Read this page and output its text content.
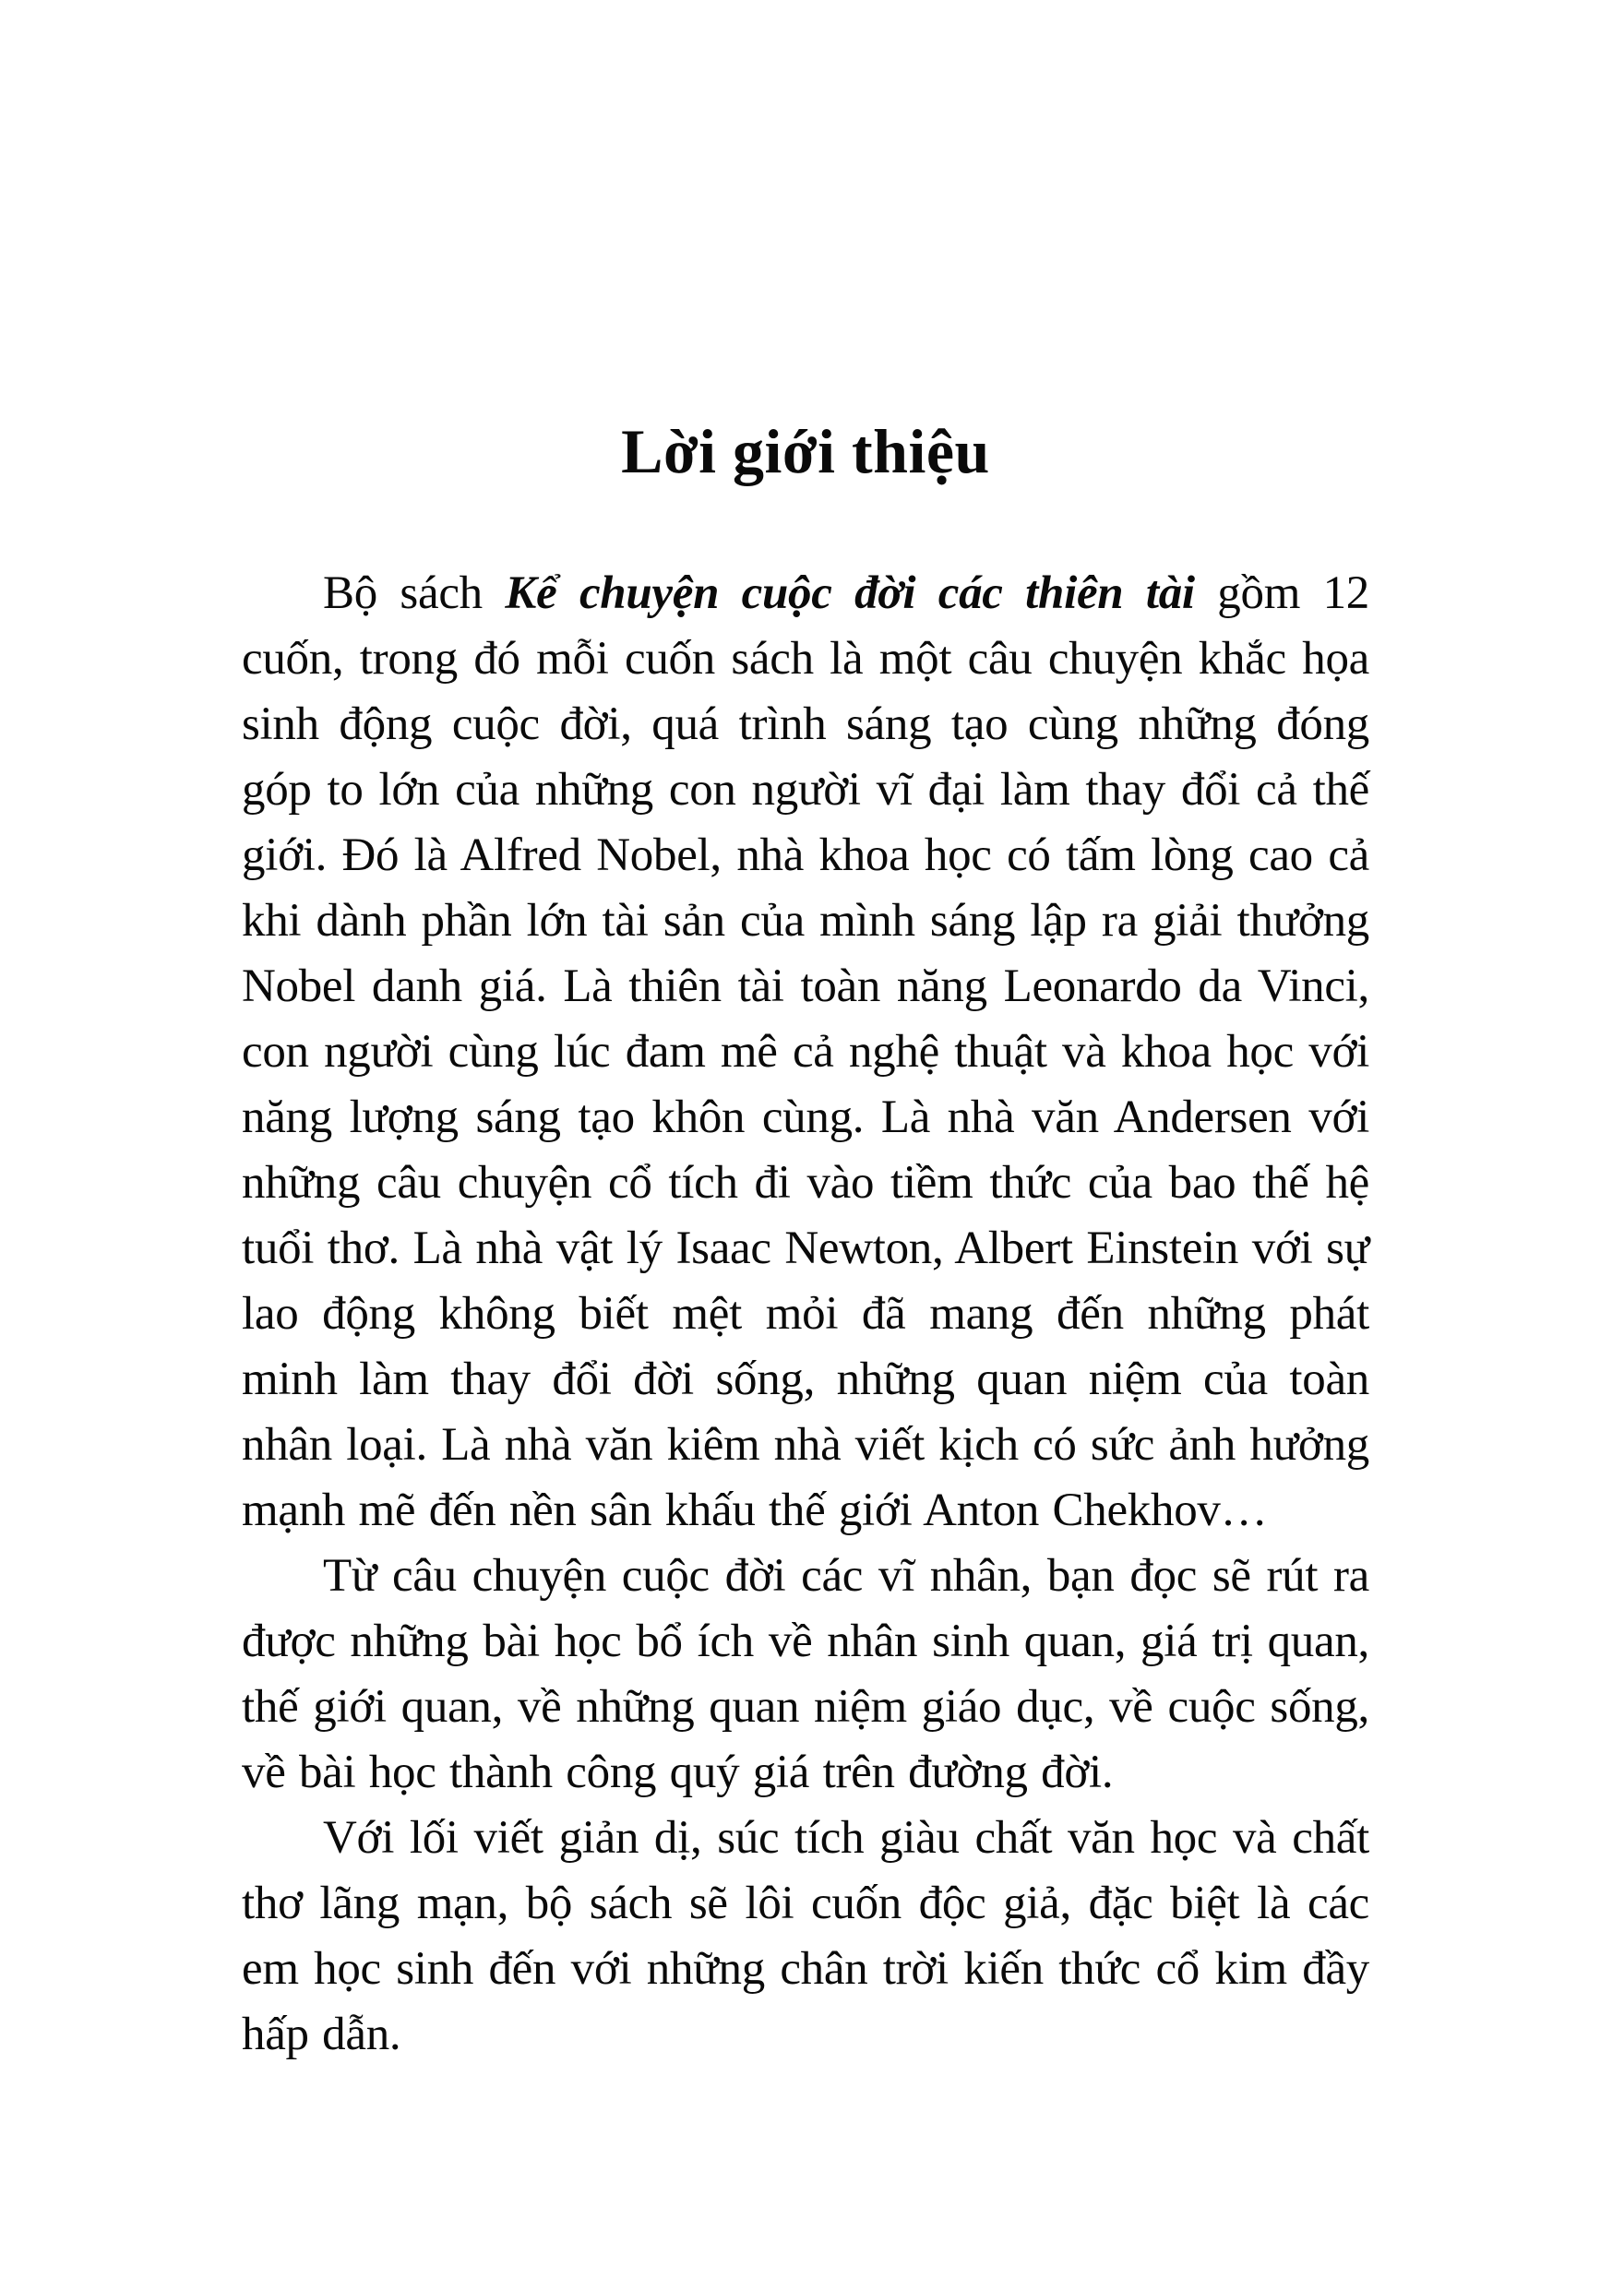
Lời giới thiệu

Bộ sách Kể chuyện cuộc đời các thiên tài gồm 12 cuốn, trong đó mỗi cuốn sách là một câu chuyện khắc họa sinh động cuộc đời, quá trình sáng tạo cùng những đóng góp to lớn của những con người vĩ đại làm thay đổi cả thế giới. Đó là Alfred Nobel, nhà khoa học có tấm lòng cao cả khi dành phần lớn tài sản của mình sáng lập ra giải thưởng Nobel danh giá. Là thiên tài toàn năng Leonardo da Vinci, con người cùng lúc đam mê cả nghệ thuật và khoa học với năng lượng sáng tạo khôn cùng. Là nhà văn Andersen với những câu chuyện cổ tích đi vào tiềm thức của bao thế hệ tuổi thơ. Là nhà vật lý Isaac Newton, Albert Einstein với sự lao động không biết mệt mỏi đã mang đến những phát minh làm thay đổi đời sống, những quan niệm của toàn nhân loại. Là nhà văn kiêm nhà viết kịch có sức ảnh hưởng mạnh mẽ đến nền sân khấu thế giới Anton Chekhov…

Từ câu chuyện cuộc đời các vĩ nhân, bạn đọc sẽ rút ra được những bài học bổ ích về nhân sinh quan, giá trị quan, thế giới quan, về những quan niệm giáo dục, về cuộc sống, về bài học thành công quý giá trên đường đời.

Với lối viết giản dị, súc tích giàu chất văn học và chất thơ lãng mạn, bộ sách sẽ lôi cuốn độc giả, đặc biệt là các em học sinh đến với những chân trời kiến thức cổ kim đầy hấp dẫn.
